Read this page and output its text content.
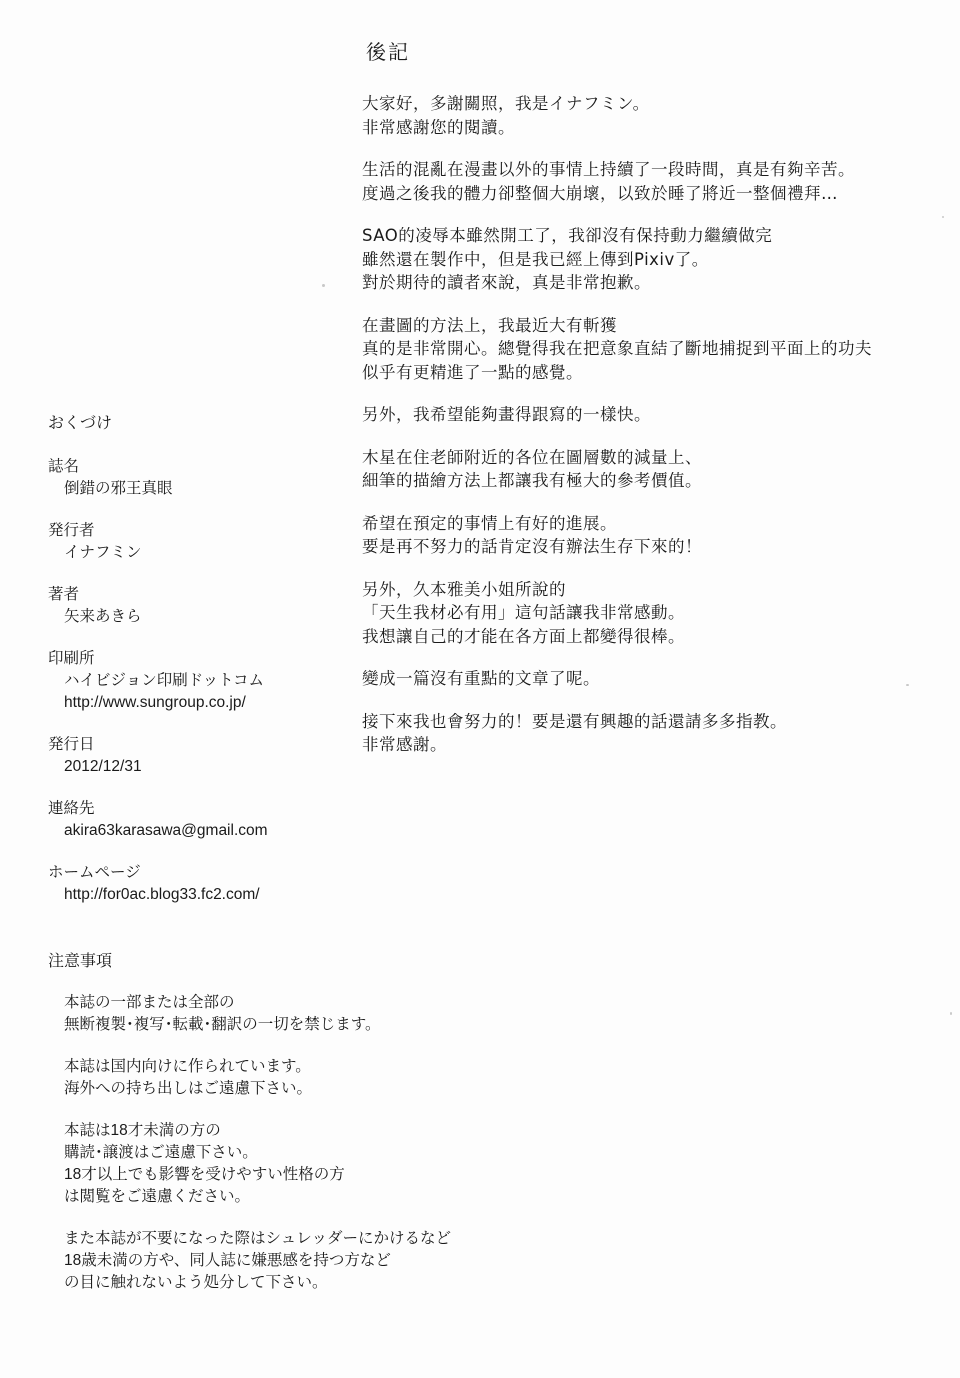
後記
大家好，多謝關照，我是イナフミン。
非常感謝您的閱讀。
生活的混亂在漫畫以外的事情上持續了一段時間，真是有夠辛苦。
度過之後我的體力卻整個大崩壞，以致於睡了將近一整個禮拜…
SAO的凌辱本雖然開工了，我卻沒有保持動力繼續做完
雖然還在製作中，但是我已經上傳到Pixiv了。
對於期待的讀者來說，真是非常抱歉。
在畫圖的方法上，我最近大有斬獲
真的是非常開心。總覺得我在把意象直結了斷地捕捉到平面上的功夫
似乎有更精進了一點的感覺。
另外，我希望能夠畫得跟寫的一樣快。
木星在住老師附近的各位在圖層數的減量上、
細筆的描繪方法上都讓我有極大的參考價值。
希望在預定的事情上有好的進展。
要是再不努力的話肯定沒有辦法生存下來的！
另外，久本雅美小姐所說的
「天生我材必有用」這句話讓我非常感動。
我想讓自己的才能在各方面上都變得很棒。
變成一篇沒有重點的文章了呢。
接下來我也會努力的！要是還有興趣的話還請多多指教。
非常感謝。
おくづけ
誌名
倒錯の邪王真眼
発行者
イナフミン
著者
矢来あきら
印刷所
ハイビジョン印刷ドットコム
http://www.sungroup.co.jp/
発行日
2012/12/31
連絡先
akira63karasawa@gmail.com
ホームページ
http://for0ac.blog33.fc2.com/
注意事項
本誌の一部または全部の
無断複製･複写･転載･翻訳の一切を禁じます。
本誌は国内向けに作られています。
海外への持ち出しはご遠慮下さい。
本誌は18才未満の方の
購読･譲渡はご遠慮下さい。
18才以上でも影響を受けやすい性格の方
は閲覧をご遠慮ください。
また本誌が不要になった際はシュレッダーにかけるなど
18歳未満の方や、同人誌に嫌悪感を持つ方など
の目に触れないよう処分して下さい。
